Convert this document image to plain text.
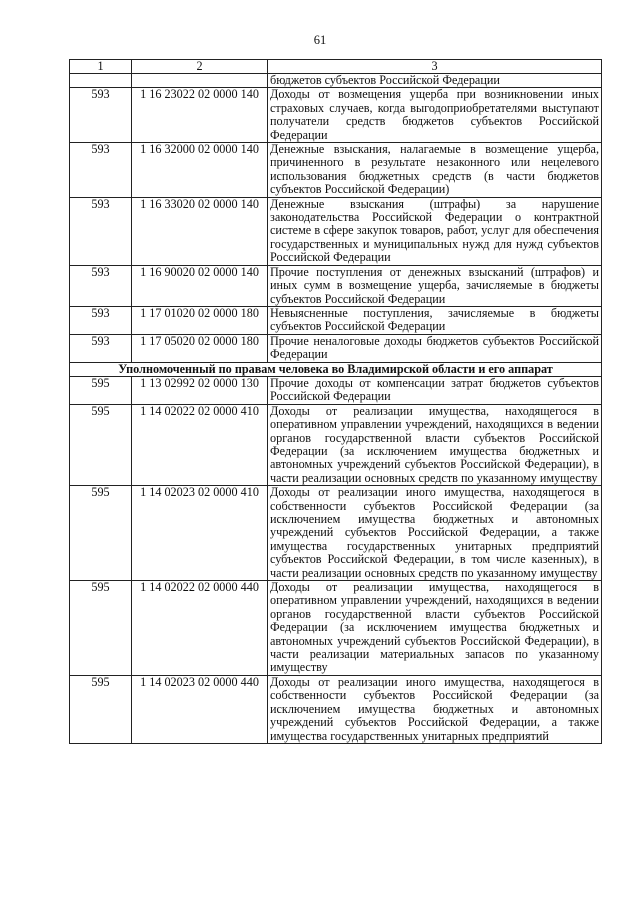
61
1	2	3
		бюджетов субъектов Российской Федерации
593	1 16 23022 02 0000 140	Доходы от возмещения ущерба при возникновении иных страховых случаев, когда выгодоприобретателями выступают получатели средств бюджетов субъектов Российской Федерации
593	1 16 32000 02 0000 140	Денежные взыскания, налагаемые в возмещение ущерба, причиненного в результате незаконного или нецелевого использования бюджетных средств (в части бюджетов субъектов Российской Федерации)
593	1 16 33020 02 0000 140	Денежные взыскания (штрафы) за нарушение законодательства Российской Федерации о контрактной системе в сфере закупок товаров, работ, услуг для обеспечения государственных и муниципальных нужд для нужд субъектов Российской Федерации
593	1 16 90020 02 0000 140	Прочие поступления от денежных взысканий (штрафов) и иных сумм в возмещение ущерба, зачисляемые в бюджеты субъектов Российской Федерации
593	1 17 01020 02 0000 180	Невыясненные поступления, зачисляемые в бюджеты субъектов Российской Федерации
593	1 17 05020 02 0000 180	Прочие неналоговые доходы бюджетов субъектов Российской Федерации
Уполномоченный по правам человека во Владимирской области и его аппарат		
595	1 13 02992 02 0000 130	Прочие доходы от компенсации затрат бюджетов субъектов Российской Федерации
595	1 14 02022 02 0000 410	Доходы от реализации имущества, находящегося в оперативном управлении учреждений, находящихся в ведении органов государственной власти субъектов Российской Федерации (за исключением имущества бюджетных и автономных учреждений субъектов Российской Федерации), в части реализации основных средств по указанному имуществу
595	1 14 02023 02 0000 410	Доходы от реализации иного имущества, находящегося в собственности субъектов Российской Федерации (за исключением имущества бюджетных и автономных учреждений субъектов Российской Федерации, а также имущества государственных унитарных предприятий субъектов Российской Федерации, в том числе казенных), в части реализации основных средств по указанному имуществу
595	1 14 02022 02 0000 440	Доходы от реализации имущества, находящегося в оперативном управлении учреждений, находящихся в ведении органов государственной власти субъектов Российской Федерации (за исключением имущества бюджетных и автономных учреждений субъектов Российской Федерации), в части реализации материальных запасов по указанному имуществу
595	1 14 02023 02 0000 440	Доходы от реализации иного имущества, находящегося в собственности субъектов Российской Федерации (за исключением имущества бюджетных и автономных учреждений субъектов Российской Федерации, а также имущества государственных унитарных предприятий
